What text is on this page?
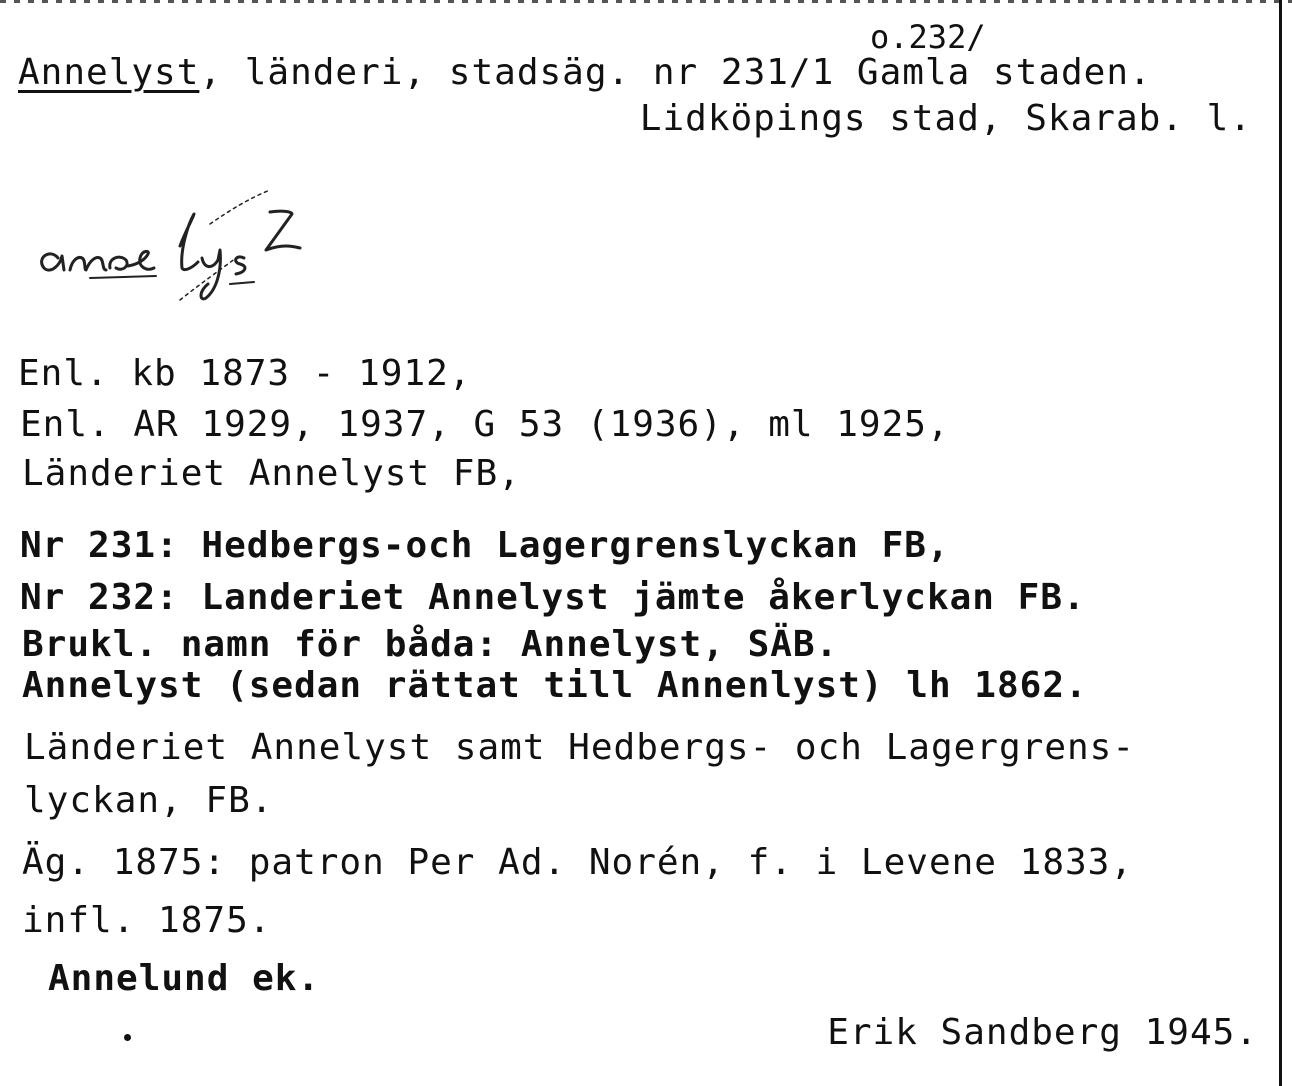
Annelyst, länderi, stadsäg. nr 231/1 Gamla staden.
o.232/
Lidköpings stad, Skarab. l.
Enl. kb 1873 - 1912,
Enl. AR 1929, 1937, G 53 (1936), ml 1925,
Länderiet Annelyst FB,
Nr 231: Hedbergs-och Lagergrenslyckan FB,
Nr 232: Landeriet Annelyst jämte åkerlyckan FB.
Brukl. namn för båda: Annelyst, SÄB.
Annelyst (sedan rättat till Annenlyst) lh 1862.
Länderiet Annelyst samt Hedbergs- och Lagergrens-
lyckan, FB.
Äg. 1875: patron Per Ad. Norén, f. i Levene 1833,
infl. 1875.
Annelund ek.
Erik Sandberg 1945.
